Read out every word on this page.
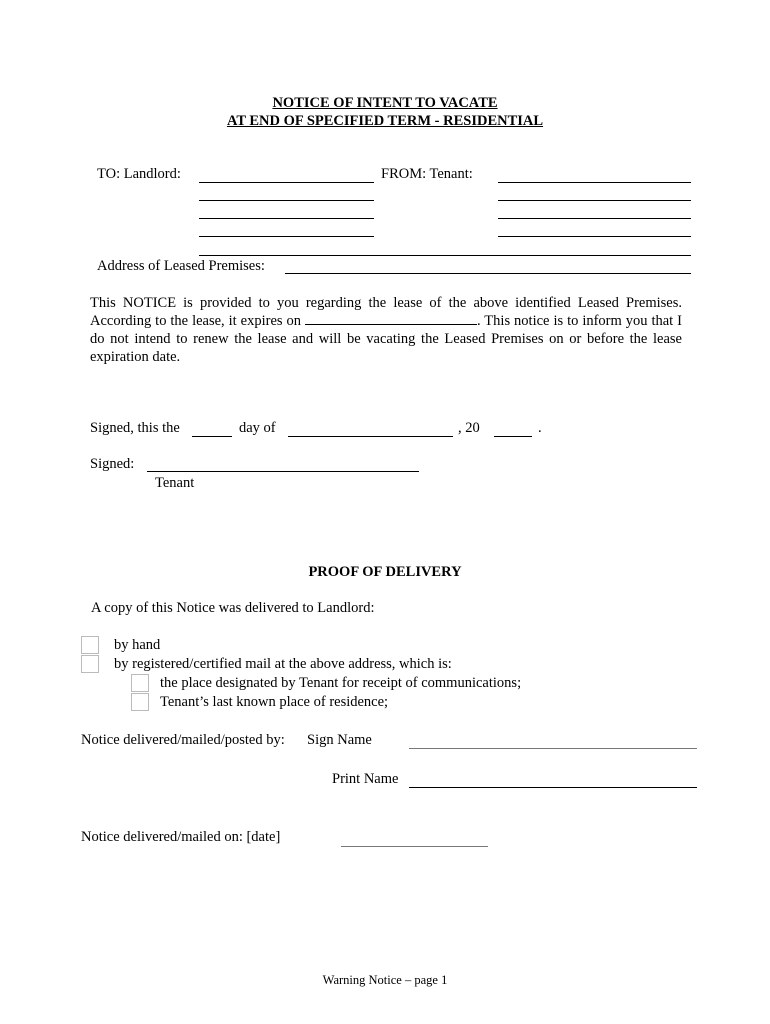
NOTICE OF INTENT TO VACATE
AT END OF SPECIFIED TERM - RESIDENTIAL
TO: Landlord:	FROM: Tenant:
Address of Leased Premises:
This NOTICE is provided to you regarding the lease of the above identified Leased Premises. According to the lease, it expires on	. This notice is to inform you that I do not intend to renew the lease and will be vacating the Leased Premises on or before the lease expiration date.
Signed, this the	day of	, 20	.
Signed:
Tenant
PROOF OF DELIVERY
A copy of this Notice was delivered to Landlord:
by hand
by registered/certified mail at the above address, which is:
the place designated by Tenant for receipt of communications;
Tenant’s last known place of residence;
Notice delivered/mailed/posted by: Sign Name
Print Name
Notice delivered/mailed on: [date]
Warning Notice – page 1
